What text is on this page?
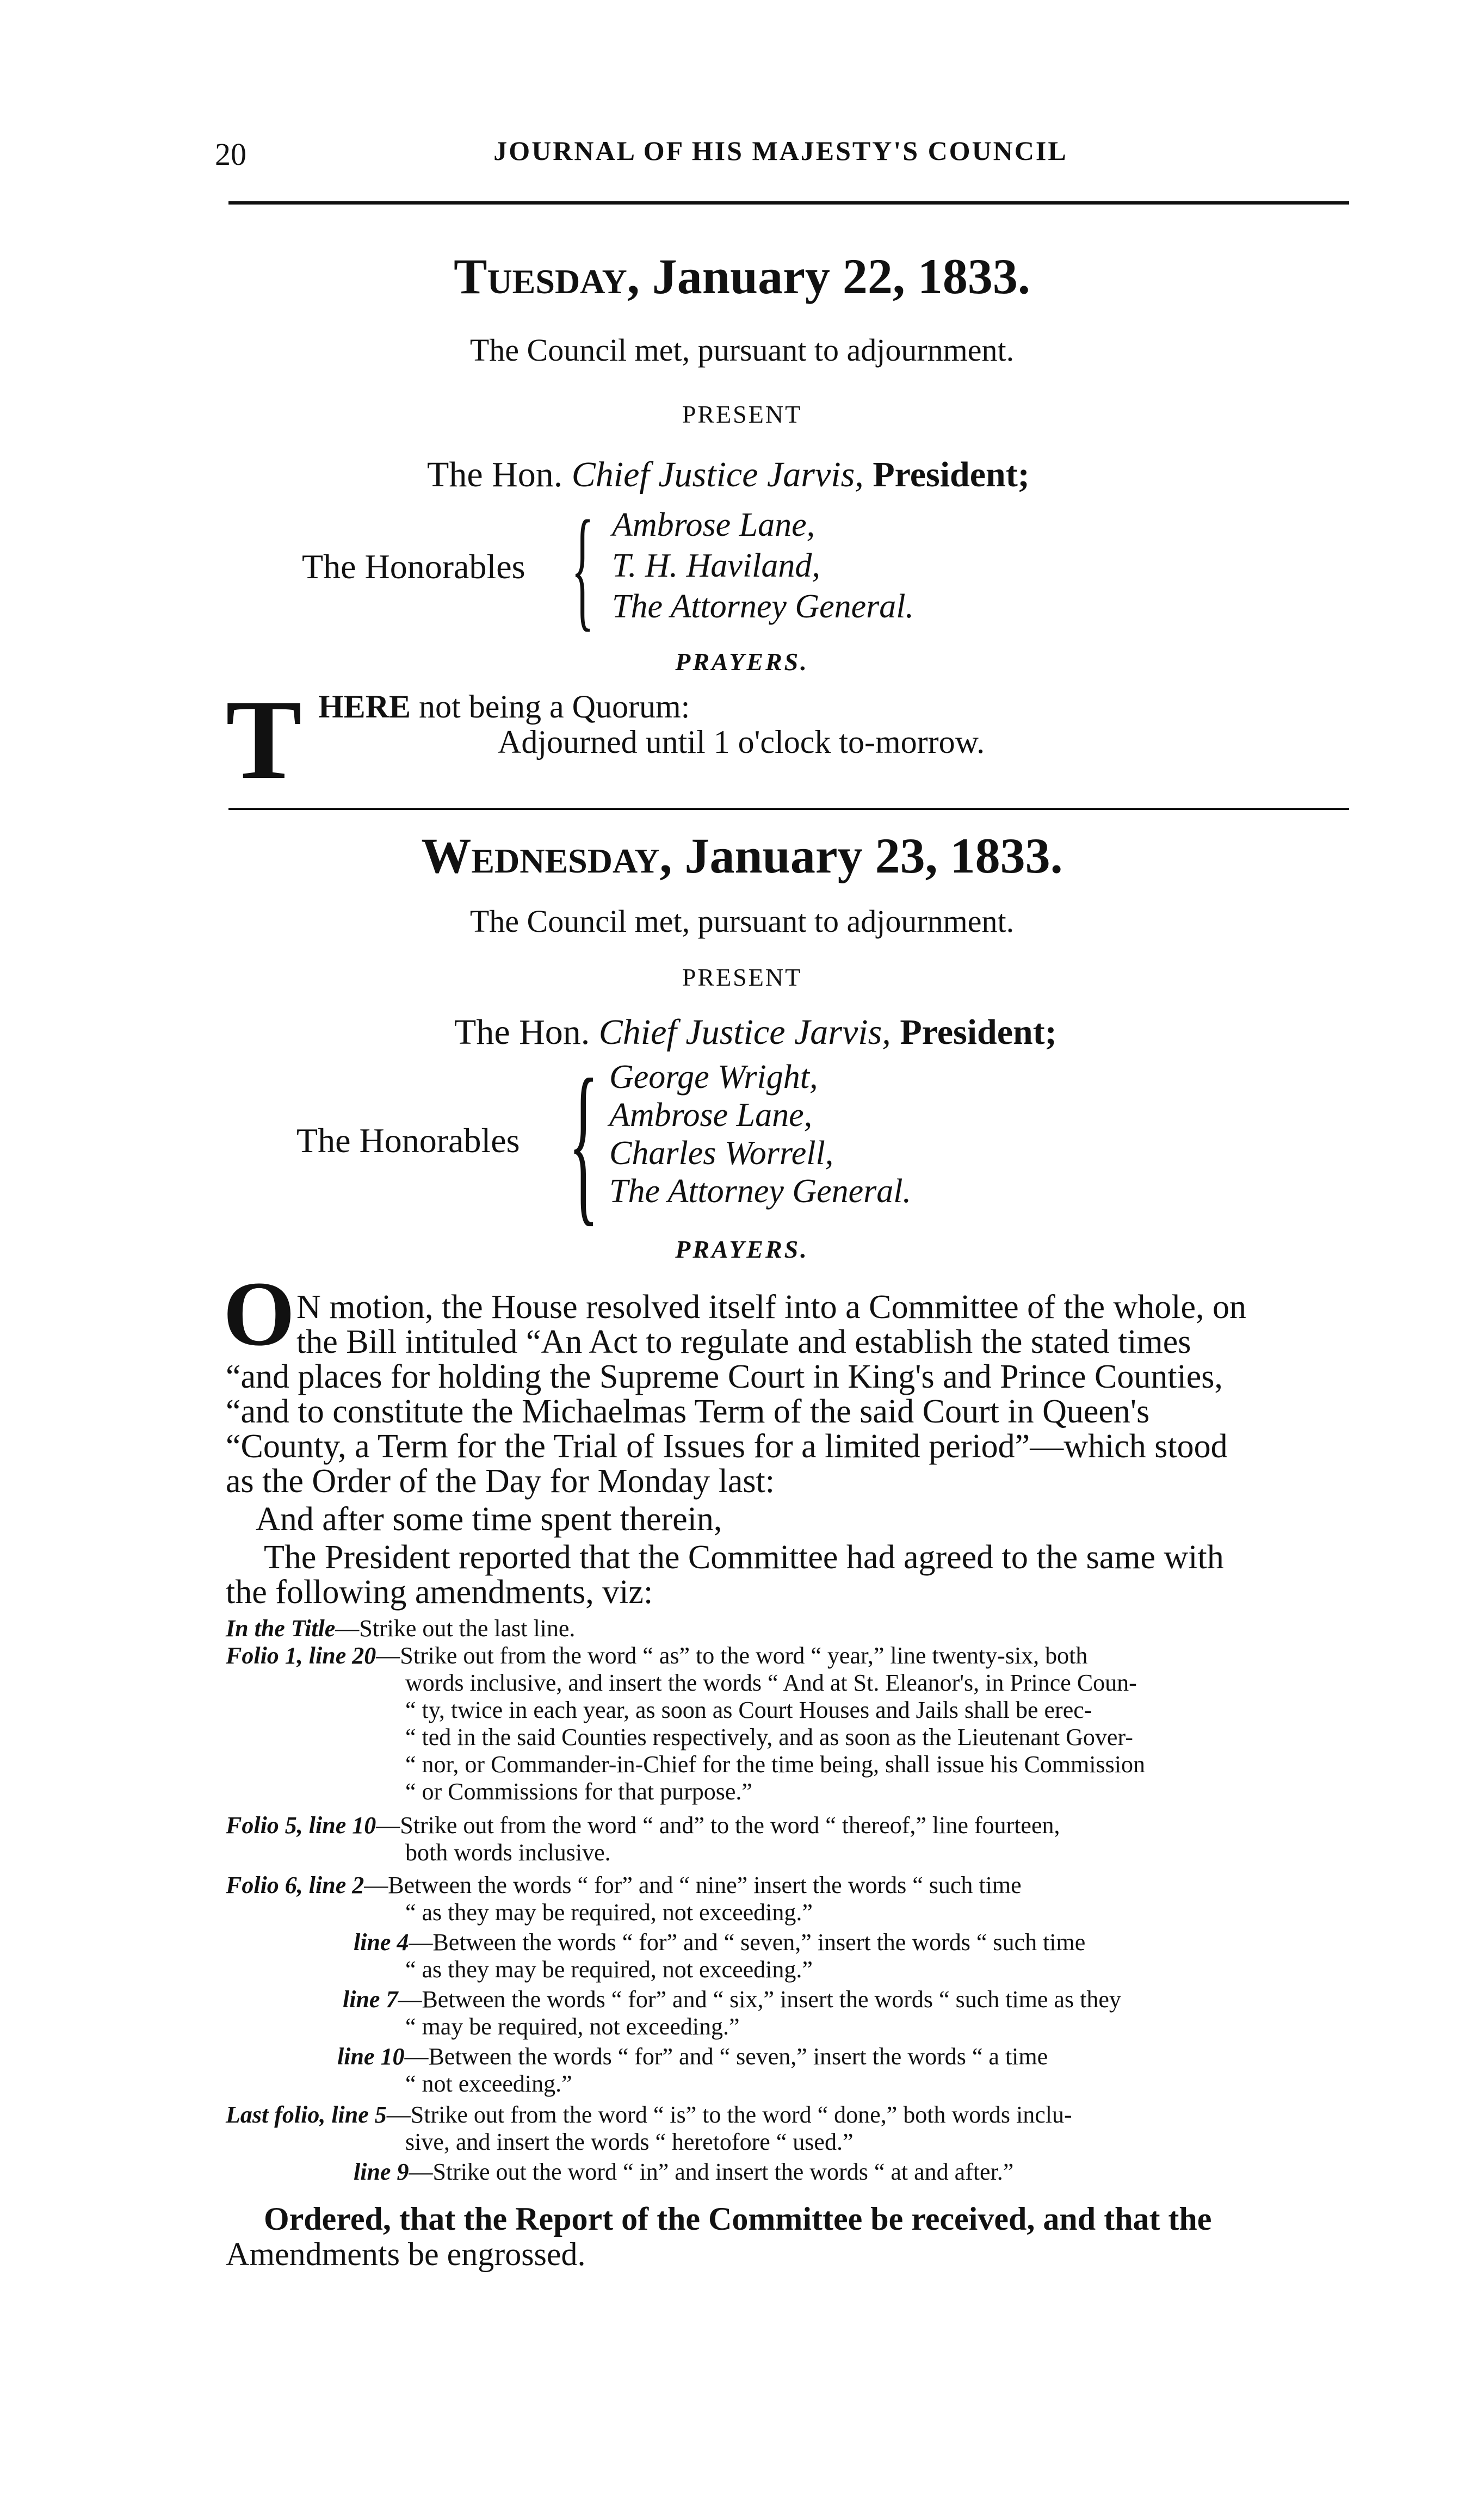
20	JOURNAL OF HIS MAJESTY'S COUNCIL
Tuesday, January 22, 1833.
The Council met, pursuant to adjournment.
PRESENT
The Hon. Chief Justice Jarvis, President;
The Honorables { Ambrose Lane,
T. H. Haviland,
The Attorney General.
PRAYERS.
T HERE not being a Quorum:
Adjourned until 1 o'clock to-morrow.
Wednesday, January 23, 1833.
The Council met, pursuant to adjournment.
PRESENT
The Hon. Chief Justice Jarvis, President;
The Honorables { George Wright,
Ambrose Lane,
Charles Worrell,
The Attorney General.
PRAYERS.
O N motion, the House resolved itself into a Committee of the whole, on
the Bill intituled “An Act to regulate and establish the stated times
“and places for holding the Supreme Court in King's and Prince Counties,
“and to constitute the Michaelmas Term of the said Court in Queen's
“County, a Term for the Trial of Issues for a limited period”—which stood
as the Order of the Day for Monday last:
And after some time spent therein,
The President reported that the Committee had agreed to the same with
the following amendments, viz:
In the Title—Strike out the last line.
Folio 1, line 20—Strike out from the word “ as” to the word “ year,” line twenty-six, both
words inclusive, and insert the words “ And at St. Eleanor's, in Prince Coun-
“ ty, twice in each year, as soon as Court Houses and Jails shall be erec-
“ ted in the said Counties respectively, and as soon as the Lieutenant Gover-
“ nor, or Commander-in-Chief for the time being, shall issue his Commission
“ or Commissions for that purpose.”
Folio 5, line 10—Strike out from the word “ and” to the word “ thereof,” line fourteen,
both words inclusive.
Folio 6, line 2—Between the words “ for” and “ nine” insert the words “ such time
“ as they may be required, not exceeding.”
line 4—Between the words “ for” and “ seven,” insert the words “ such time
“ as they may be required, not exceeding.”
line 7—Between the words “ for” and “ six,” insert the words “ such time as they
“ may be required, not exceeding.”
line 10—Between the words “ for” and “ seven,” insert the words “ a time
“ not exceeding.”
Last folio, line 5—Strike out from the word “ is” to the word “ done,” both words inclu-
sive, and insert the words “ heretofore “ used.”
line 9—Strike out the word “ in” and insert the words “ at and after.”
Ordered, that the Report of the Committee be received, and that the
Amendments be engrossed.
